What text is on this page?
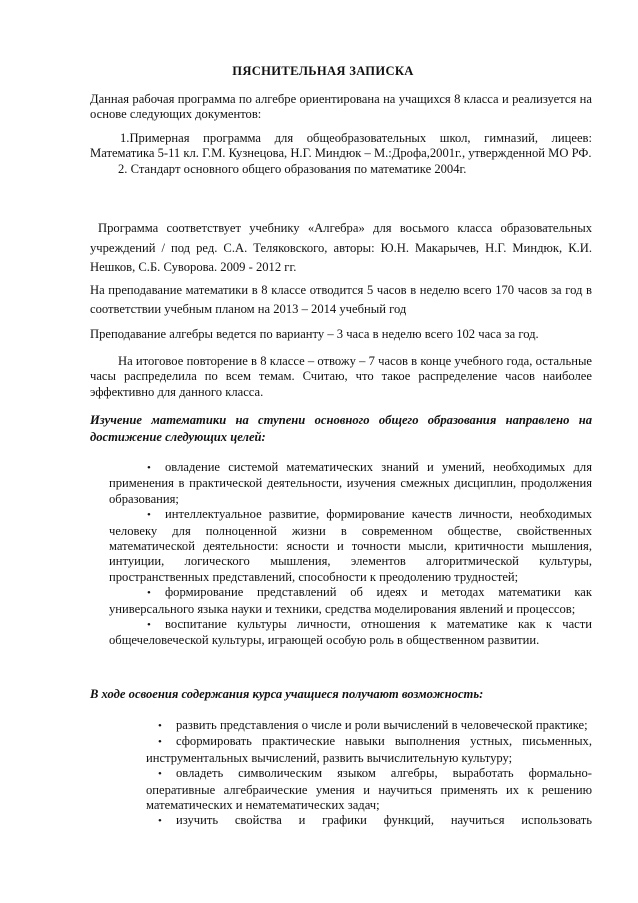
ПЯСНИТЕЛЬНАЯ ЗАПИСКА

Данная рабочая программа по алгебре ориентирована на учащихся 8 класса и реализуется на основе следующих документов:

1.Примерная программа для общеобразовательных школ, гимназий, лицеев: Математика 5-11 кл. Г.М. Кузнецова, Н.Г. Миндюк – М.:Дрофа,2001г., утвержденной МО РФ.

2. Стандарт основного общего образования по математике 2004г.

Программа соответствует учебнику «Алгебра» для восьмого класса образовательных учреждений / под ред. С.А. Теляковского, авторы: Ю.Н. Макарычев, Н.Г. Миндюк, К.И. Нешков, С.Б. Суворова. 2009 - 2012 гг.

На преподавание математики в 8 классе отводится 5 часов в неделю всего 170 часов за год в соответствии учебным планом на 2013 – 2014 учебный год

Преподавание алгебры ведется по варианту – 3 часа в неделю всего 102 часа за год.

На итоговое повторение в 8 классе – отвожу – 7 часов в конце учебного года, остальные часы распределила по всем темам. Считаю, что такое распределение часов наиболее эффективно для данного класса.

Изучение математики на ступени основного общего образования направлено на достижение следующих целей:

• овладение системой математических знаний и умений, необходимых для применения в практической деятельности, изучения смежных дисциплин, продолжения образования;

• интеллектуальное развитие, формирование качеств личности, необходимых человеку для полноценной жизни в современном обществе, свойственных математической деятельности: ясности и точности мысли, критичности мышления, интуиции, логического мышления, элементов алгоритмической культуры, пространственных представлений, способности к преодолению трудностей;

• формирование представлений об идеях и методах математики как универсального языка науки и техники, средства моделирования явлений и процессов;

• воспитание культуры личности, отношения к математике как к части общечеловеческой культуры, играющей особую роль в общественном развитии.

В ходе освоения содержания курса учащиеся получают возможность:

• развить представления о числе и роли вычислений в человеческой практике;

• сформировать практические навыки выполнения устных, письменных, инструментальных вычислений, развить вычислительную культуру;

• овладеть символическим языком алгебры, выработать формально-оперативные алгебраические умения и научиться применять их к решению математических и нематематических задач;

• изучить свойства и графики функций, научиться использовать
